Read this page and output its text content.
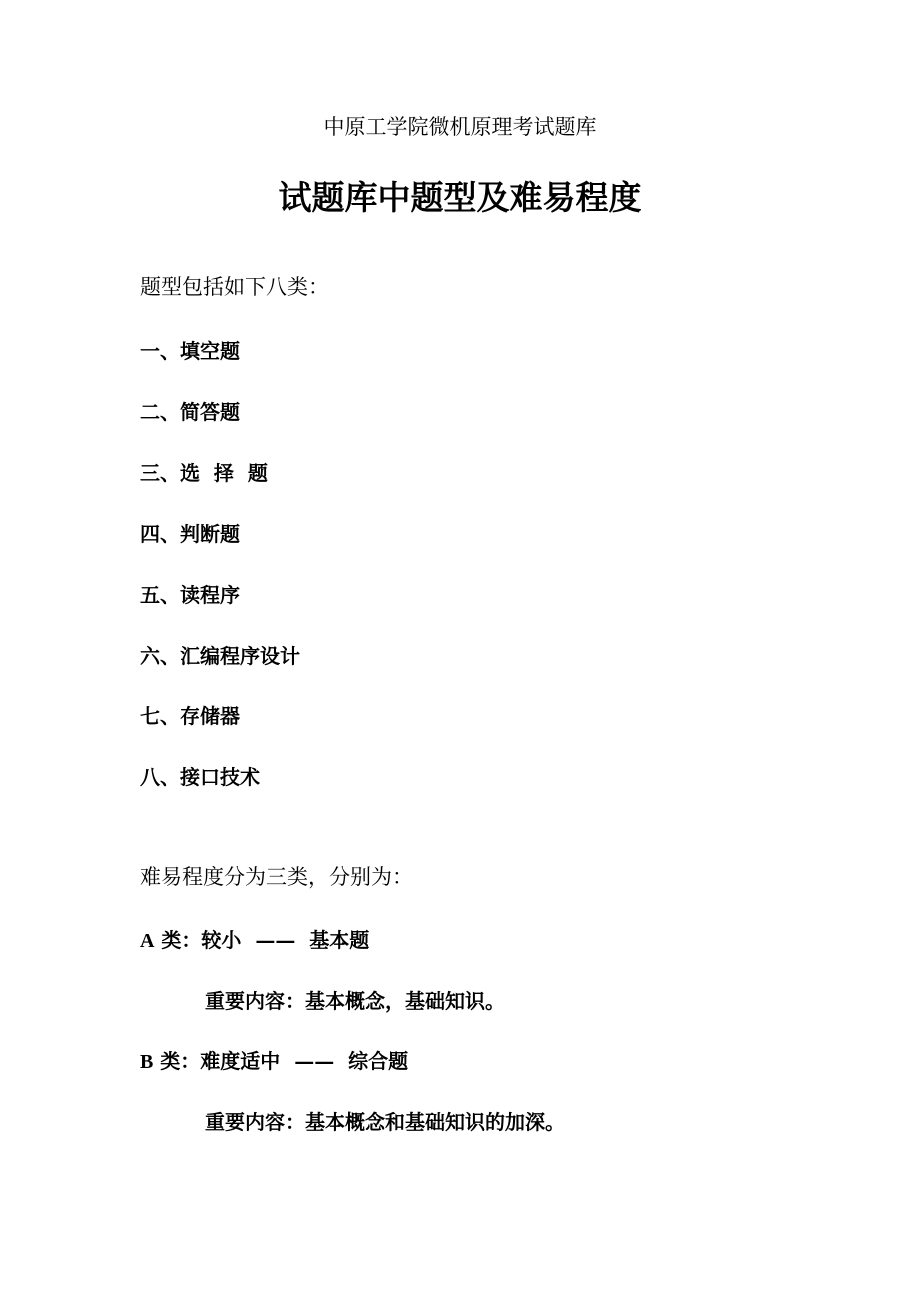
中原工学院微机原理考试题库
试题库中题型及难易程度
题型包括如下八类：
一、填空题
二、简答题
三、选  择  题
四、判断题
五、读程序
六、汇编程序设计
七、存储器
八、接口技术
难易程度分为三类，分别为：
A 类：较小  ——  基本题
重要内容：基本概念，基础知识。
B 类：难度适中  ——  综合题
重要内容：基本概念和基础知识的加深。
